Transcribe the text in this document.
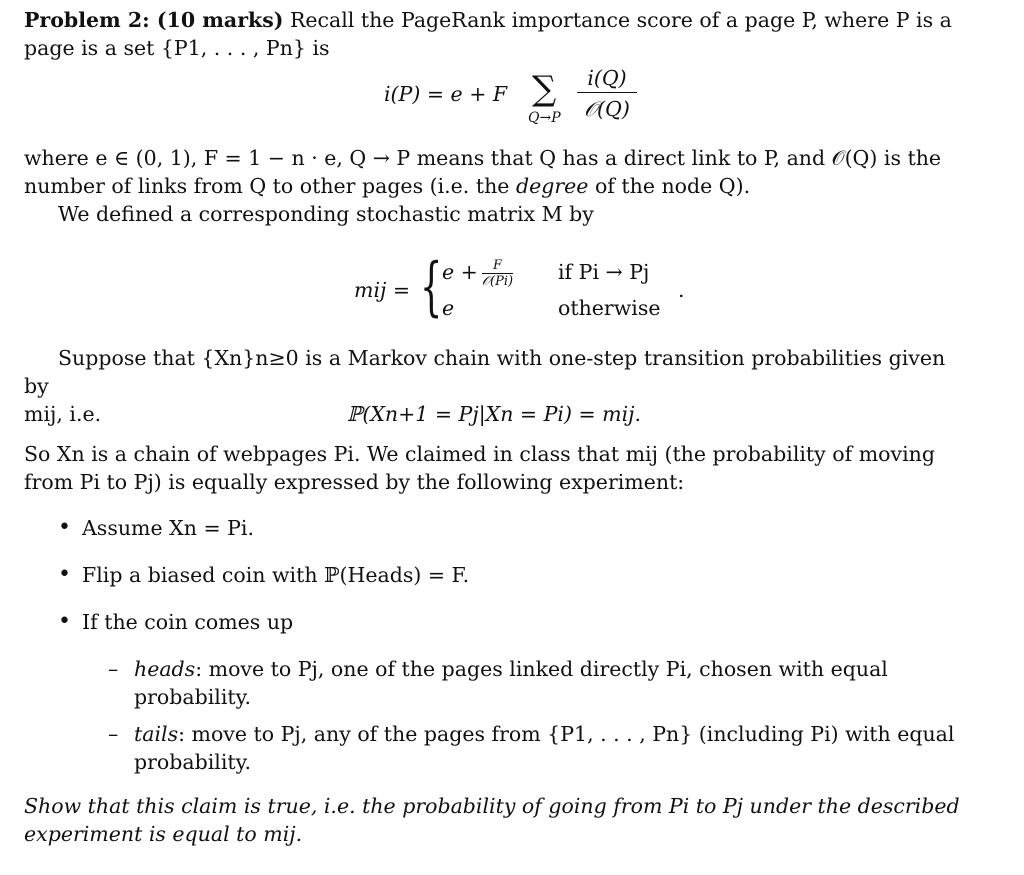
Problem 2: (10 marks) Recall the PageRank importance score of a page P, where P is a

page is a set {P1, . . . , Pn} is

i(P) = e + F ∑
Q→P
i(Q)
𝒪(Q)

where e ∈ (0, 1), F = 1 − n · e, Q → P means that Q has a direct link to P, and 𝒪(Q) is the

number of links from Q to other pages (i.e. the degree of the node Q).

We defined a corresponding stochastic matrix M by

mij = { e +	F
𝒪(Pi)
e
if Pi → Pj
otherwise
.

Suppose that {Xn}n≥0 is a Markov chain with one-step transition probabilities given by

mij, i.e.	ℙ(Xn+1 = Pj|Xn = Pi) = mij.

So Xn is a chain of webpages Pi. We claimed in class that mij (the probability of moving

from Pi to Pj) is equally expressed by the following experiment:

• Assume Xn = Pi.
• Flip a biased coin with ℙ(Heads) = F.
• If the coin comes up
– heads: move to Pj, one of the pages linked directly Pi, chosen with equal probability.
– tails: move to Pj, any of the pages from {P1, . . . , Pn} (including Pi) with equal probability.

Show that this claim is true, i.e. the probability of going from Pi to Pj under the described

experiment is equal to mij.
